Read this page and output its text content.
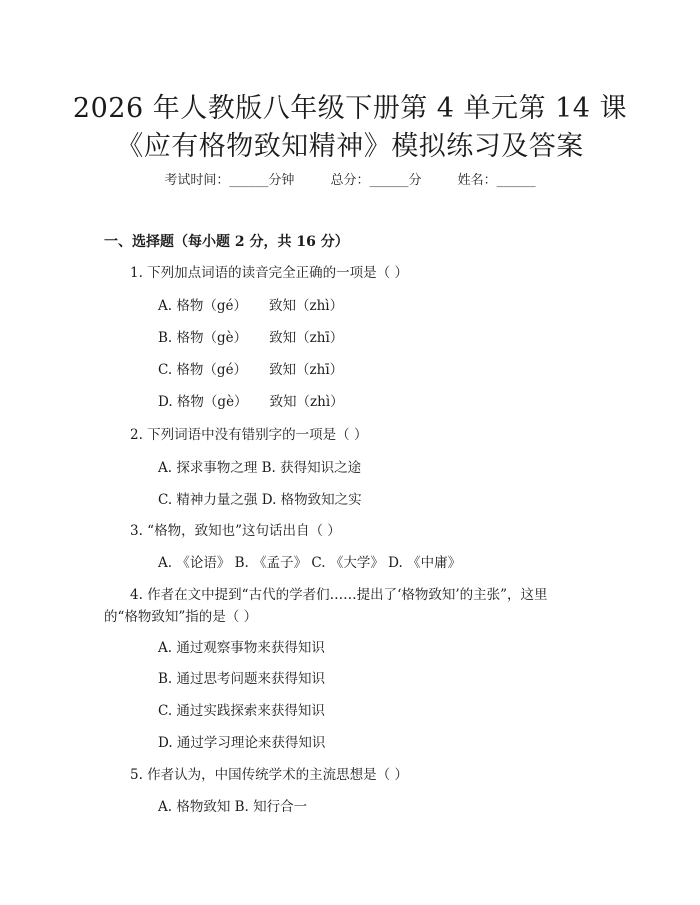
2026 年人教版八年级下册第 4 单元第 14 课
《应有格物致知精神》模拟练习及答案
考试时间：______分钟	总分：______分	姓名：______
一、选择题（每小题 2 分，共 16 分）
1. 下列加点词语的读音完全正确的一项是（ ）
A. 格物（gé） 致知（zhì）
B. 格物（gè） 致知（zhī）
C. 格物（gé） 致知（zhī）
D. 格物（gè） 致知（zhì）
2. 下列词语中没有错别字的一项是（ ）
A. 探求事物之理 B. 获得知识之途
C. 精神力量之强 D. 格物致知之实
3. “格物，致知也”这句话出自（ ）
A. 《论语》 B. 《孟子》 C. 《大学》 D. 《中庸》
4. 作者在文中提到“古代的学者们……提出了‘格物致知’的主张”，这里
的“格物致知”指的是（ ）
A. 通过观察事物来获得知识
B. 通过思考问题来获得知识
C. 通过实践探索来获得知识
D. 通过学习理论来获得知识
5. 作者认为，中国传统学术的主流思想是（ ）
A. 格物致知 B. 知行合一
